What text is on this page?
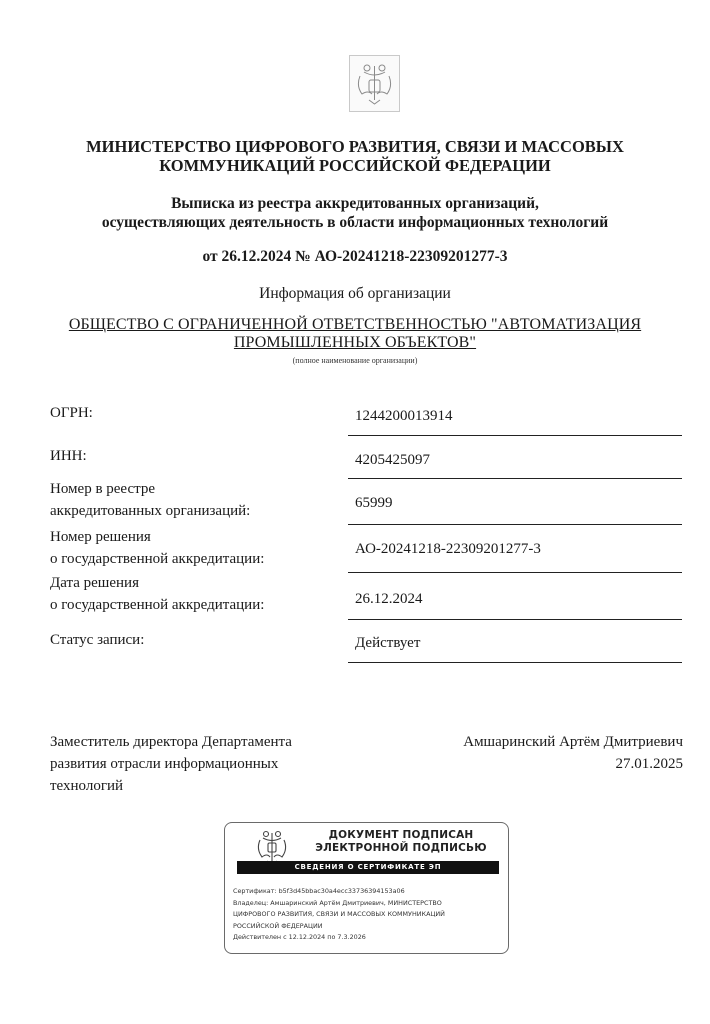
МИНИСТЕРСТВО ЦИФРОВОГО РАЗВИТИЯ, СВЯЗИ И МАССОВЫХ
КОММУНИКАЦИЙ РОССИЙСКОЙ ФЕДЕРАЦИИ
Выписка из реестра аккредитованных организаций,
осуществляющих деятельность в области информационных технологий
от 26.12.2024 № АО-20241218-22309201277-3
Информация об организации
ОБЩЕСТВО С ОГРАНИЧЕННОЙ ОТВЕТСТВЕННОСТЬЮ "АВТОМАТИЗАЦИЯ
ПРОМЫШЛЕННЫХ ОБЪЕКТОВ"
(полное наименование организации)
ОГРН:	1244200013914
ИНН:	4205425097
Номер в реестре
аккредитованных организаций:	65999
Номер решения
о государственной аккредитации:
АО-20241218-22309201277-3
Дата решения
о государственной аккредитации:	26.12.2024
Статус записи:	Действует
Заместитель директора Департамента
развития отрасли информационных
технологий
Амшаринский Артём Дмитриевич
27.01.2025
ДОКУМЕНТ ПОДПИСАН
ЭЛЕКТРОННОЙ ПОДПИСЬЮ
СВЕДЕНИЯ О СЕРТИФИКАТЕ ЭП
Сертификат: b5f3d45bbac30a4ecc33736394153a06
Владелец: Амшаринский Артём Дмитриевич, МИНИСТЕРСТВО
ЦИФРОВОГО РАЗВИТИЯ, СВЯЗИ И МАССОВЫХ КОММУНИКАЦИЙ
РОССИЙСКОЙ ФЕДЕРАЦИИ
Действителен с 12.12.2024 по 7.3.2026
